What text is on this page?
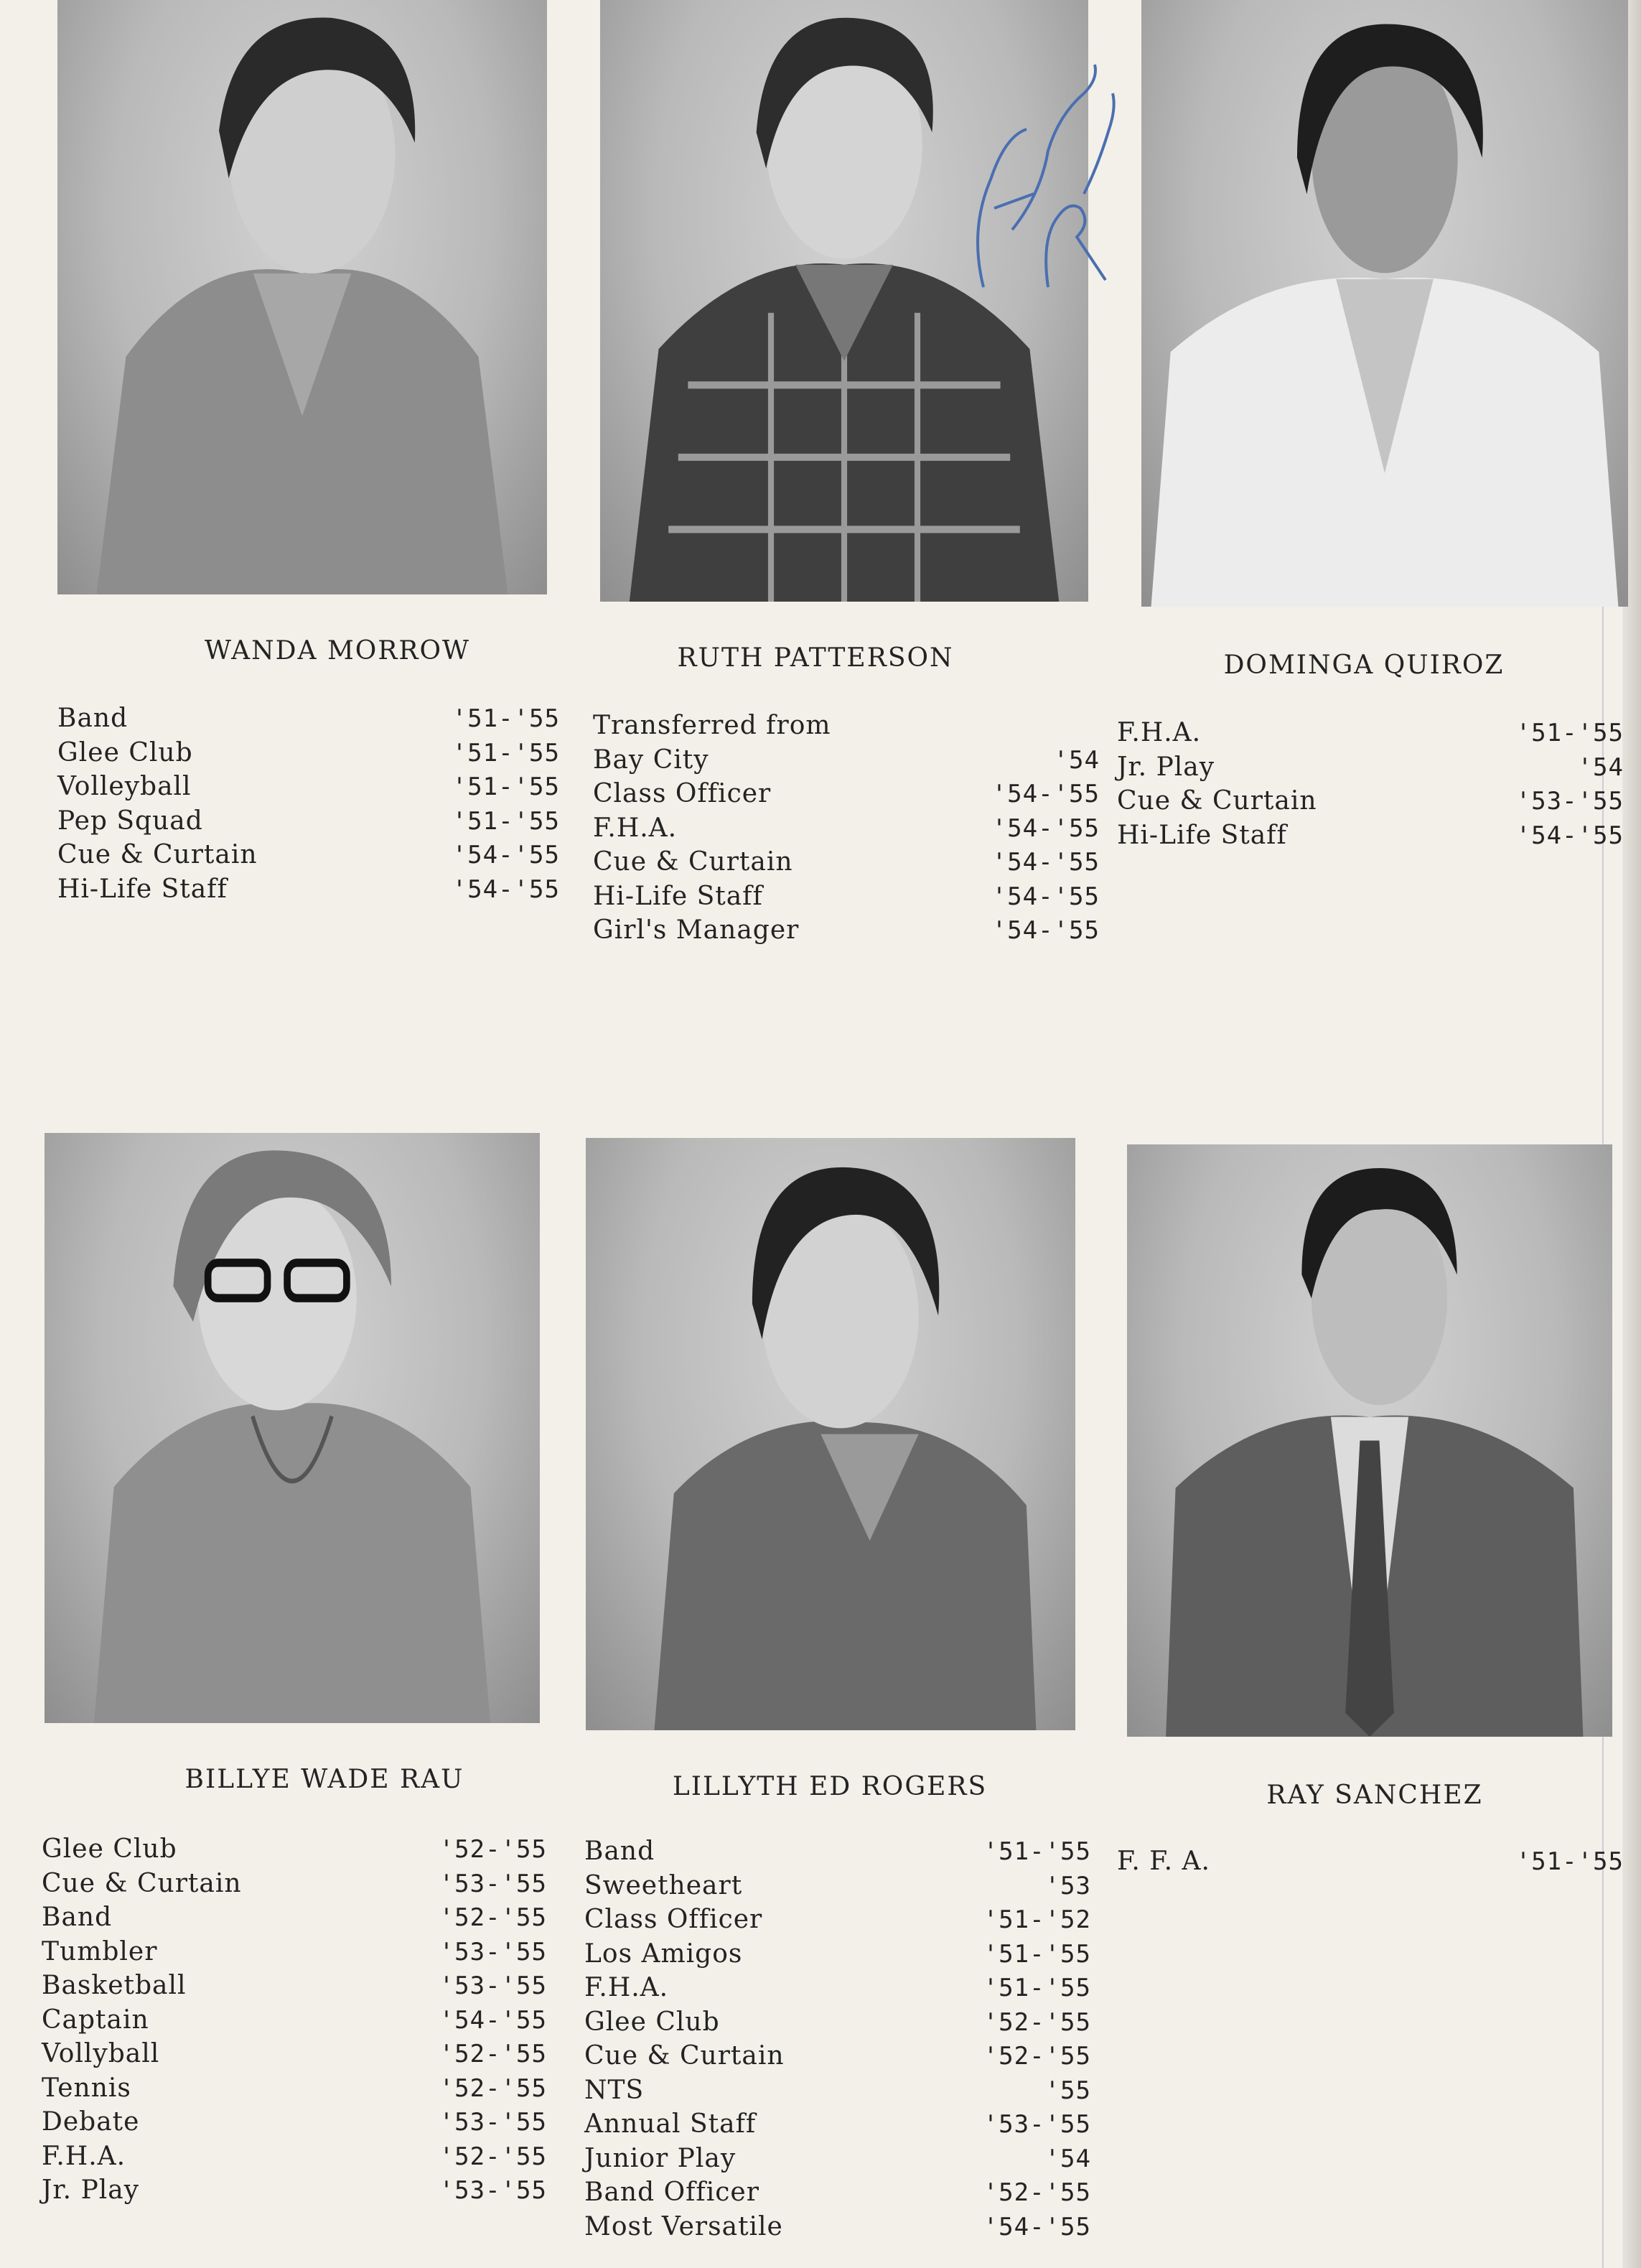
WANDA MORROW	RUTH PATTERSON	DOMINGA QUIROZ
Band	'51-'55
Glee Club	'51-'55
Volleyball	'51-'55
Pep Squad	'51-'55
Cue & Curtain	'54-'55
Hi-Life Staff	'54-'55
Transferred from
Bay City	'54
Class Officer	'54-'55
F.H.A.	'54-'55
Cue & Curtain	'54-'55
Hi-Life Staff	'54-'55
Girl's Manager	'54-'55
F.H.A.	'51-'55
Jr. Play	'54
Cue & Curtain	'53-'55
Hi-Life Staff	'54-'55
BILLYE WADE RAU	LILLYTH ED ROGERS	RAY SANCHEZ
Glee Club	'52-'55
Cue & Curtain	'53-'55
Band	'52-'55
Tumbler	'53-'55
Basketball	'53-'55
Captain	'54-'55
Vollyball	'52-'55
Tennis	'52-'55
Debate	'53-'55
F.H.A.	'52-'55
Jr. Play	'53-'55
Band	'51-'55
Sweetheart	'53
Class Officer	'51-'52
Los Amigos	'51-'55
F.H.A.	'51-'55
Glee Club	'52-'55
Cue & Curtain	'52-'55
NTS	'55
Annual Staff	'53-'55
Junior Play	'54
Band Officer	'52-'55
Most Versatile	'54-'55
F. F. A.	'51-'55
